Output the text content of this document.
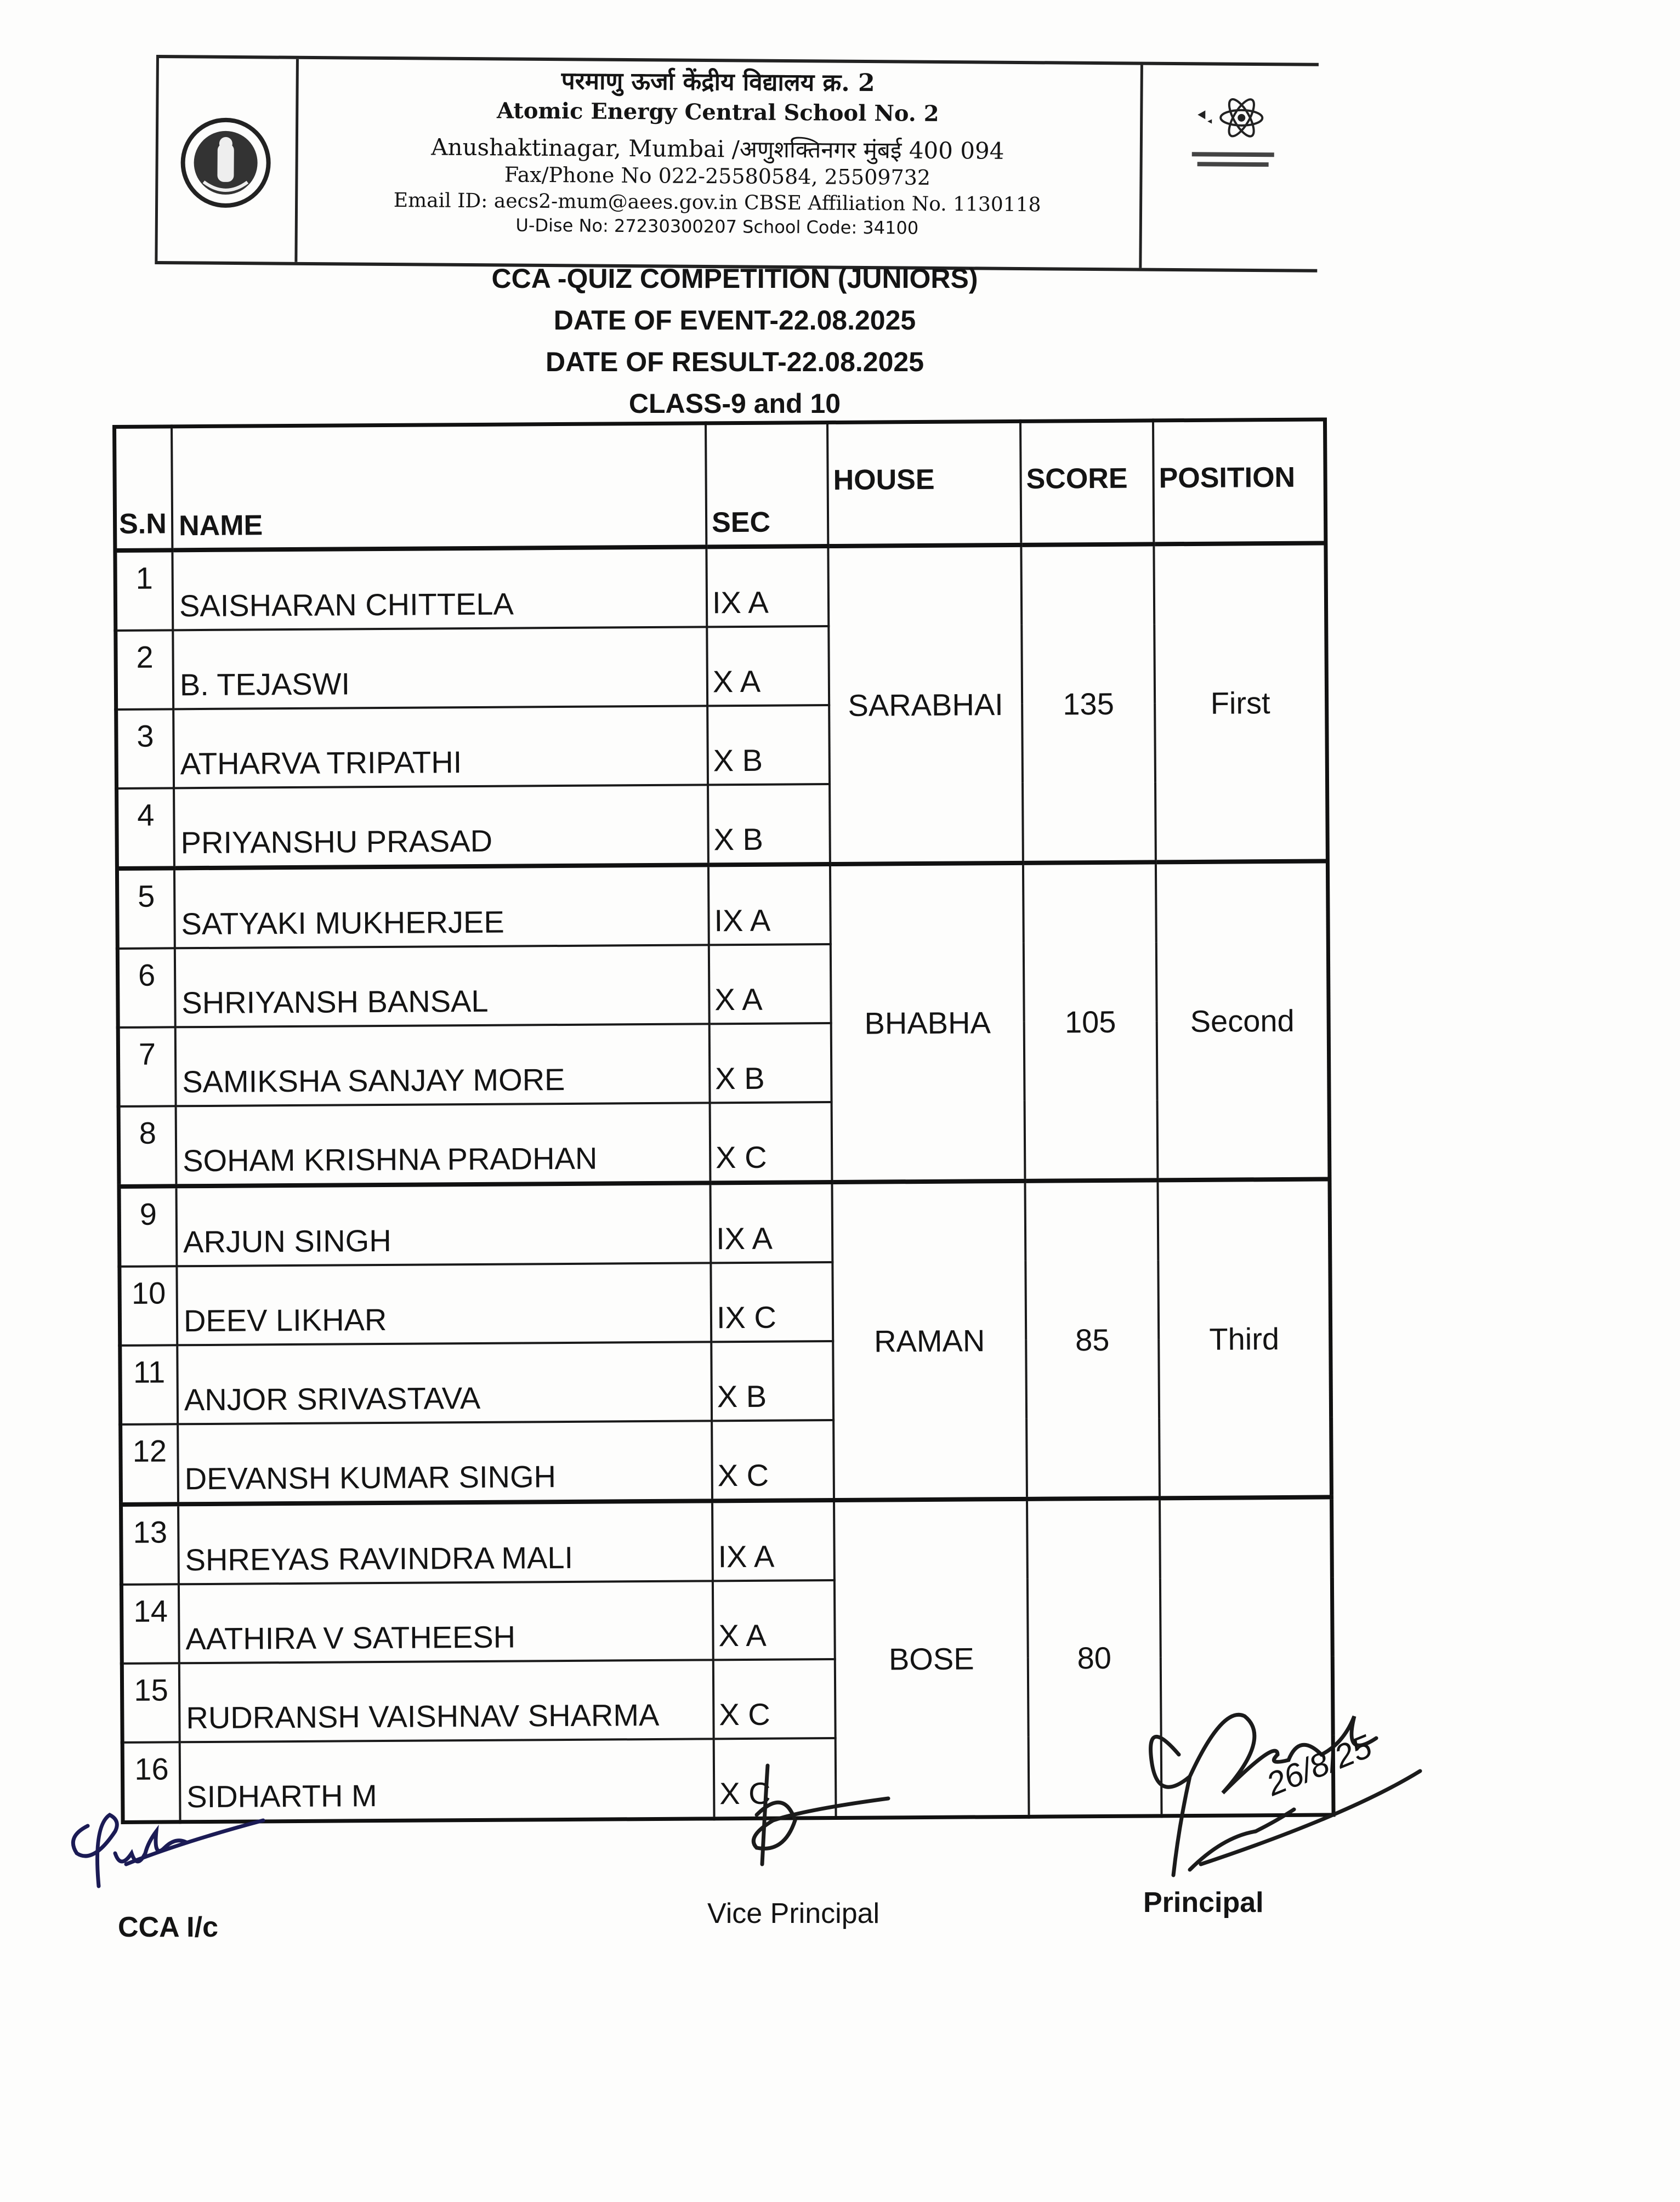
परमाणु ऊर्जा केंद्रीय विद्यालय क्र. 2
Atomic Energy Central School No. 2
Anushaktinagar, Mumbai /अणुशक्तिनगर मुंबई 400 094
Fax/Phone No 022-25580584, 25509732
Email ID: aecs2-mum@aees.gov.in CBSE Affiliation No. 1130118
U-Dise No: 27230300207 School Code: 34100
CCA -QUIZ COMPETITION (JUNIORS)
DATE OF EVENT-22.08.2025
DATE OF RESULT-22.08.2025
CLASS-9 and 10
S.N	NAME	SEC	HOUSE	SCORE	POSITION
1	SAISHARAN CHITTELA	IX A	SARABHAI	135	First
2	B. TEJASWI	X A			
3	ATHARVA TRIPATHI	X B			
4	PRIYANSHU PRASAD	X B			
5	SATYAKI MUKHERJEE	IX A	BHABHA	105	Second
6	SHRIYANSH BANSAL	X A			
7	SAMIKSHA SANJAY MORE	X B			
8	SOHAM KRISHNA PRADHAN	X C			
9	ARJUN SINGH	IX A	RAMAN	85	Third
10	DEEV LIKHAR	IX C			
11	ANJOR SRIVASTAVA	X B			
12	DEVANSH KUMAR SINGH	X C			
13	SHREYAS RAVINDRA MALI	IX A	BOSE	80	
14	AATHIRA V SATHEESH	X A			
15	RUDRANSH VAISHNAV SHARMA	X C			
16	SIDHARTH M	X C			
CCA I/c	Vice Principal
26/8/25
Principal
